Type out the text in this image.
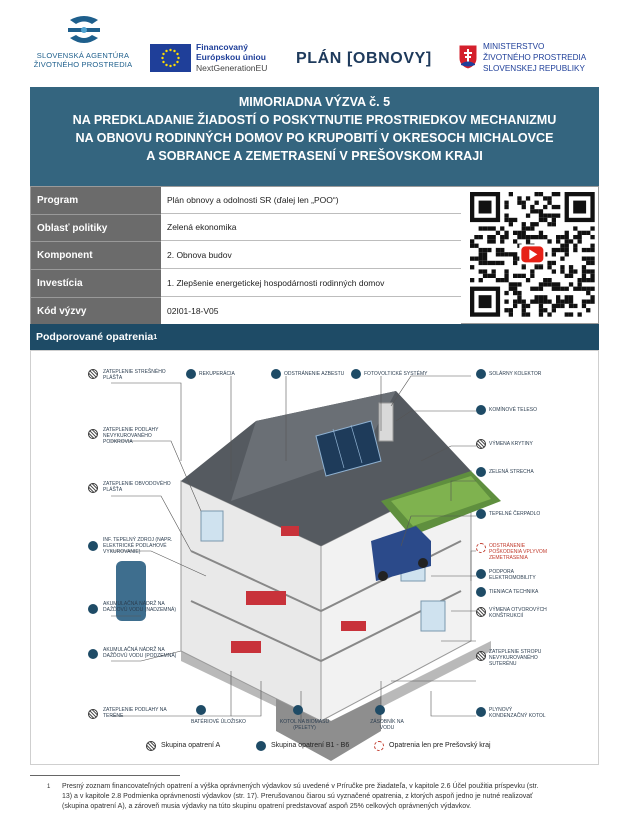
SLOVENSKÁ AGENTÚRA
ŽIVOTNÉHO PROSTREDIA
Financovaný
Európskou úniou
NextGenerationEU
PLÁN [OBNOVY]
MINISTERSTVO
ŽIVOTNÉHO PROSTREDIA
SLOVENSKEJ REPUBLIKY
MIMORIADNA VÝZVA č. 5
NA PREDKLADANIE ŽIADOSTÍ O POSKYTNUTIE PROSTRIEDKOV MECHANIZMU
NA OBNOVU RODINNÝCH DOMOV PO KRUPOBITÍ V OKRESOCH MICHALOVCE
A SOBRANCE A ZEMETRASENÍ V PREŠOVSKOM KRAJI
Program	Plán obnovy a odolnosti SR (ďalej len „POO“)
Oblasť politiky	Zelená ekonomika
Komponent	2. Obnova budov
Investícia	1. Zlepšenie energetickej hospodárnosti rodinných domov
Kód výzvy	02I01-18-V05
Podporované opatrenia 1
ZATEPLENIE STREŠNÉHO PLÁŠŤA
ZATEPLENIE PODLAHY NEVYKUROVANÉHO PODKROVIA
ZATEPLENIE OBVODOVÉHO PLÁŠŤA
INF. TEPELNÝ ZDROJ (NAPR. ELEKTRICKÉ PODLAHOVÉ VYKUROVANIE)
AKUMULAČNÁ NÁDRŽ NA DAŽĎOVÚ VODU (NADZEMNÁ)
AKUMULAČNÁ NÁDRŽ NA DAŽĎOVÚ VODU (PODZEMNÁ)
ZATEPLENIE PODLAHY NA TERÉNE
REKUPERÁCIA	ODSTRÁNENIE AZBESTU	FOTOVOLTICKÉ SYSTÉMY	SOLÁRNY KOLEKTOR
KOMÍNOVÉ TELESO
VÝMENA KRYTINY
ZELENÁ STRECHA
TEPELNÉ ČERPADLO
ODSTRÁNENIE POŠKODENIA VPLYVOM ZEMETRASENIA
PODPORA ELEKTROMOBILITY
TIENIACA TECHNIKA
VÝMENA OTVOROVÝCH KONŠTRUKCIÍ
ZATEPLENIE STROPU NEVYKUROVANÉHO SUTERÉNU
PLYNOVÝ KONDENZAČNÝ KOTOL
BATÉRIOVÉ ÚLOŽISKO	KOTOL NA BIOMASU (PELETY)
ZÁSOBNÍK NA VODU
Skupina opatrení A	Skupina opatrení B1 - B6	Opatrenia len pre Prešovský kraj
1 Presný zoznam financovateľných opatrení a výška oprávnených výdavkov sú uvedené v Príručke pre žiadateľa, v kapitole 2.6 Účel použitia príspevku (str.
13) a v kapitole 2.8 Podmienka oprávnenosti výdavkov (str. 17). Prerušovanou čiarou sú vyznačené opatrenia, z ktorých aspoň jedno je nutné realizovať
(skupina opatrení A), a zároveň musia výdavky na túto skupinu opatrení predstavovať aspoň 25% celkových oprávnených výdavkov.
